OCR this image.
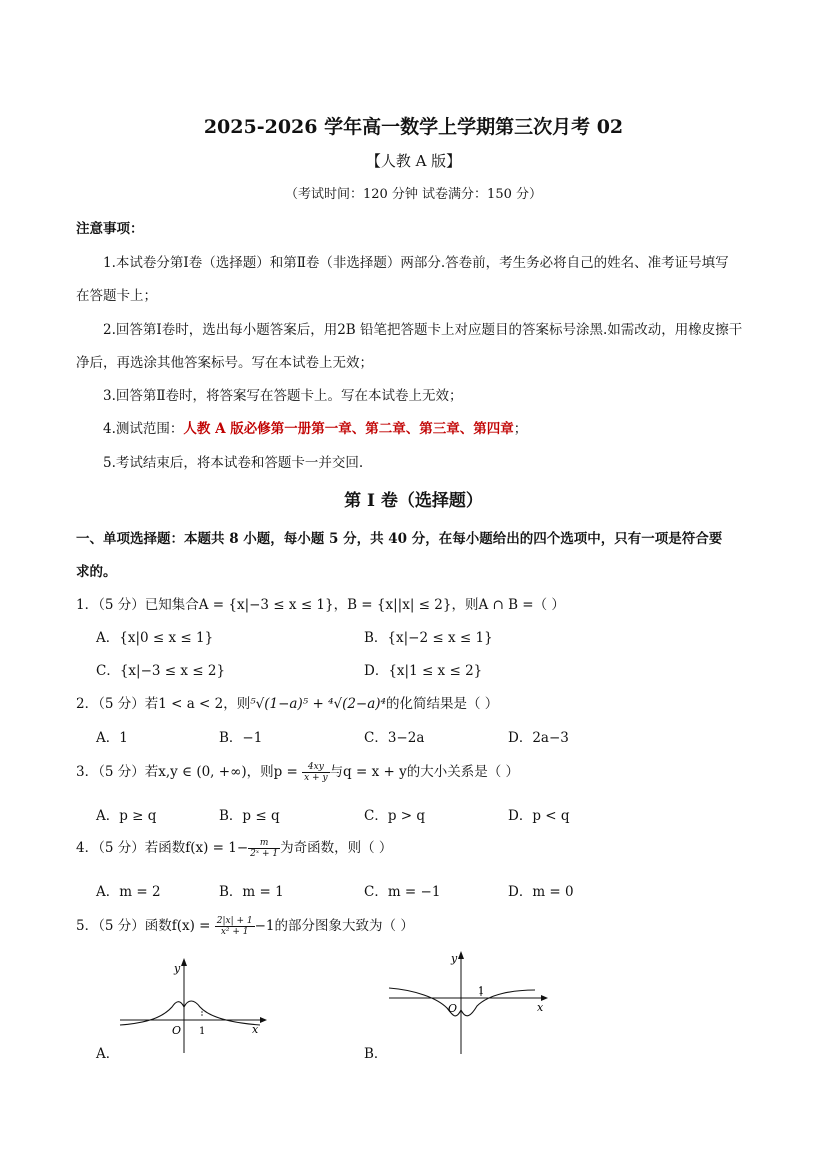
2025-2026 学年高一数学上学期第三次月考 02
【人教 A 版】
（考试时间：120 分钟 试卷满分：150 分）
注意事项：
1.本试卷分第Ⅰ卷（选择题）和第Ⅱ卷（非选择题）两部分.答卷前，考生务必将自己的姓名、准考证号填写
在答题卡上；
2.回答第Ⅰ卷时，选出每小题答案后，用2B 铅笔把答题卡上对应题目的答案标号涂黑.如需改动，用橡皮擦干
净后，再选涂其他答案标号。写在本试卷上无效；
3.回答第Ⅱ卷时，将答案写在答题卡上。写在本试卷上无效；
4.测试范围：人教 A 版必修第一册第一章、第二章、第三章、第四章；
5.考试结束后，将本试卷和答题卡一并交回.
第 I 卷（选择题）
一、单项选择题：本题共 8 小题，每小题 5 分，共 40 分，在每小题给出的四个选项中，只有一项是符合要
求的。
1．（5 分）已知集合A = {x|−3 ≤ x ≤ 1}，B = {x||x| ≤ 2}，则A ∩ B =（ ）
A．{x|0 ≤ x ≤ 1}	B．{x|−2 ≤ x ≤ 1}
C．{x|−3 ≤ x ≤ 2}	D．{x|1 ≤ x ≤ 2}
2．（5 分）若1 < a < 2，则⁵√(1−a)⁵ + ⁴√(2−a)⁴的化简结果是（ ）
A．1	B．−1	C．3−2a	D．2a−3
3．（5 分）若x,y ∈ (0, +∞)，则$p = \frac{4xy}{x + y}$ 与q = x + y的大小关系是（ ）
A．p ≥ q	B．p ≤ q	C．p > q	D．p < q
4．（5 分）若函数$f(x) = 1- \frac{m}{\text{2ˣ + 1}}$ 为奇函数，则（ ）
A．m = 2	B．m = 1	C．m = −1	D．m = 0
5．（5 分）函数$f(x) = \frac{2|x| + 1}{\text{x² + 1}} -1$的部分图象大致为（ ）
y
x
O 1
A．
y
x
O
1
B．
